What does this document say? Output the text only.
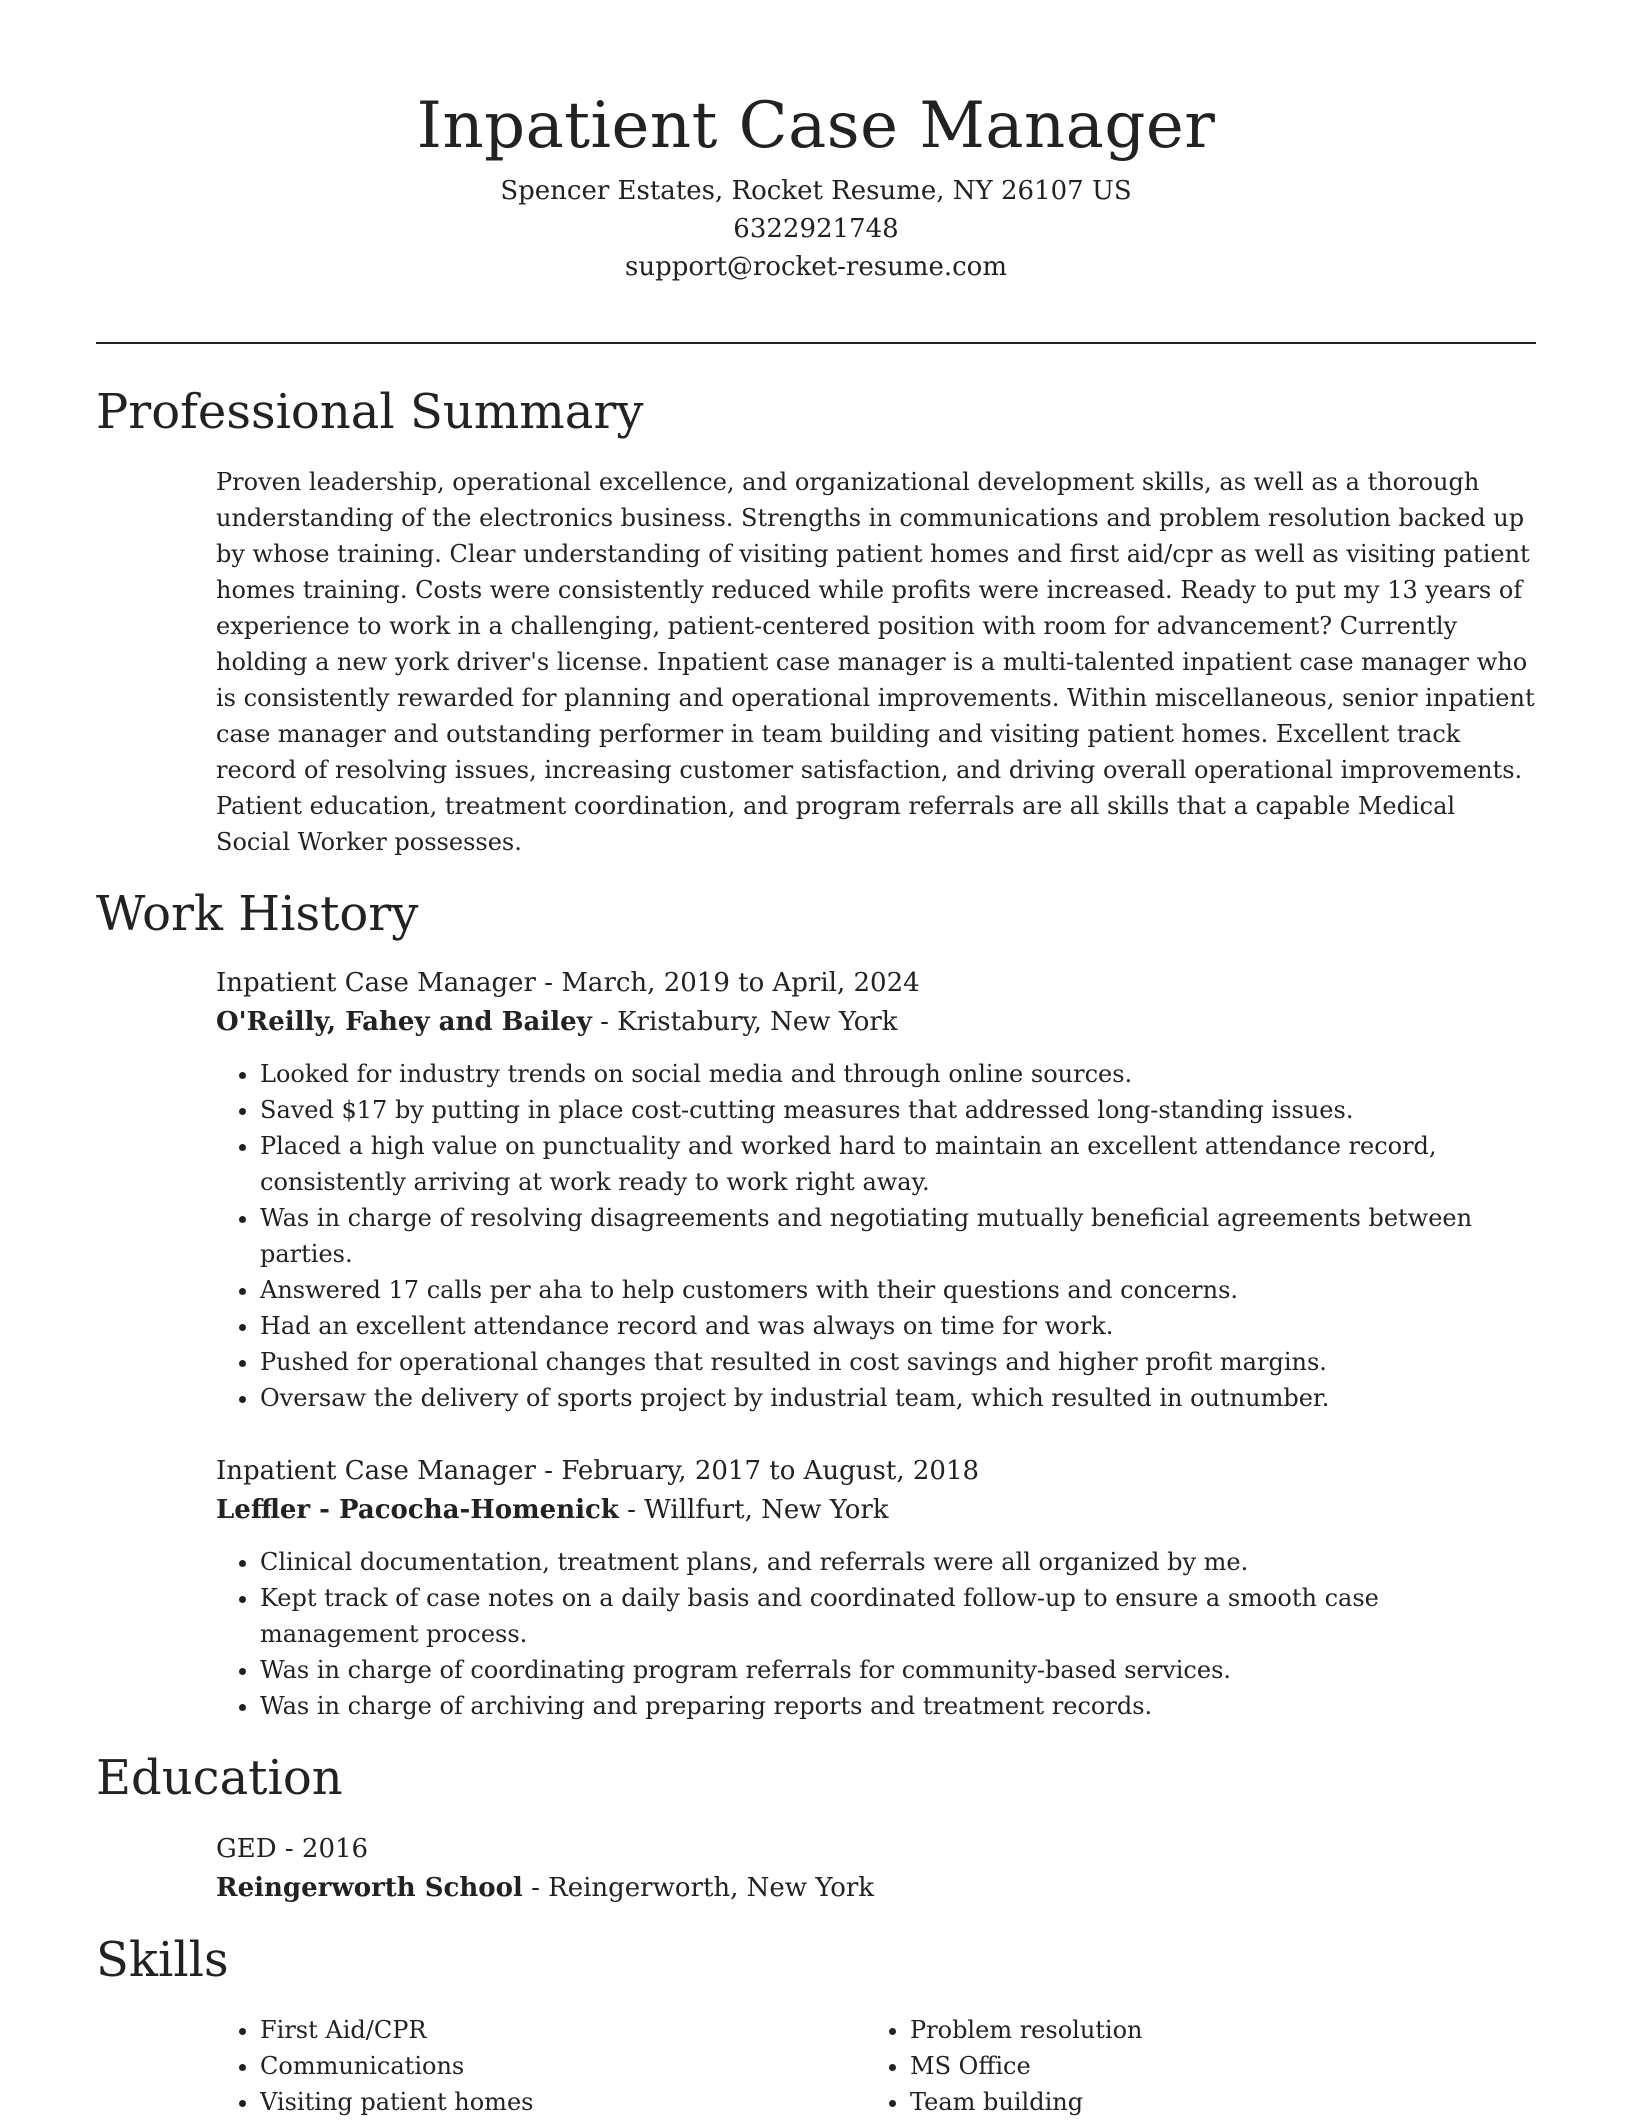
Inpatient Case Manager

Spencer Estates, Rocket Resume, NY 26107 US

6322921748

support@rocket-resume.com

Professional Summary

Proven leadership, operational excellence, and organizational development skills, as well as a thorough understanding of the electronics business. Strengths in communications and problem resolution backed up by whose training. Clear understanding of visiting patient homes and first aid/cpr as well as visiting patient homes training. Costs were consistently reduced while profits were increased. Ready to put my 13 years of experience to work in a challenging, patient-centered position with room for advancement? Currently holding a new york driver's license. Inpatient case manager is a multi-talented inpatient case manager who is consistently rewarded for planning and operational improvements. Within miscellaneous, senior inpatient case manager and outstanding performer in team building and visiting patient homes. Excellent track record of resolving issues, increasing customer satisfaction, and driving overall operational improvements. Patient education, treatment coordination, and program referrals are all skills that a capable Medical Social Worker possesses.

Work History

Inpatient Case Manager - March, 2019 to April, 2024

O'Reilly, Fahey and Bailey - Kristabury, New York

• Looked for industry trends on social media and through online sources.
• Saved $17 by putting in place cost-cutting measures that addressed long-standing issues.
• Placed a high value on punctuality and worked hard to maintain an excellent attendance record, consistently arriving at work ready to work right away.
• Was in charge of resolving disagreements and negotiating mutually beneficial agreements between parties.
• Answered 17 calls per aha to help customers with their questions and concerns.
• Had an excellent attendance record and was always on time for work.
• Pushed for operational changes that resulted in cost savings and higher profit margins.
• Oversaw the delivery of sports project by industrial team, which resulted in outnumber.

Inpatient Case Manager - February, 2017 to August, 2018

Leffler - Pacocha-Homenick - Willfurt, New York

• Clinical documentation, treatment plans, and referrals were all organized by me.
• Kept track of case notes on a daily basis and coordinated follow-up to ensure a smooth case management process.
• Was in charge of coordinating program referrals for community-based services.
• Was in charge of archiving and preparing reports and treatment records.
Education

GED - 2016

Reingerworth School - Reingerworth, New York

Skills
• First Aid/CPR
• Communications
• Visiting patient homes
• Problem resolution
• MS Office
• Team building
